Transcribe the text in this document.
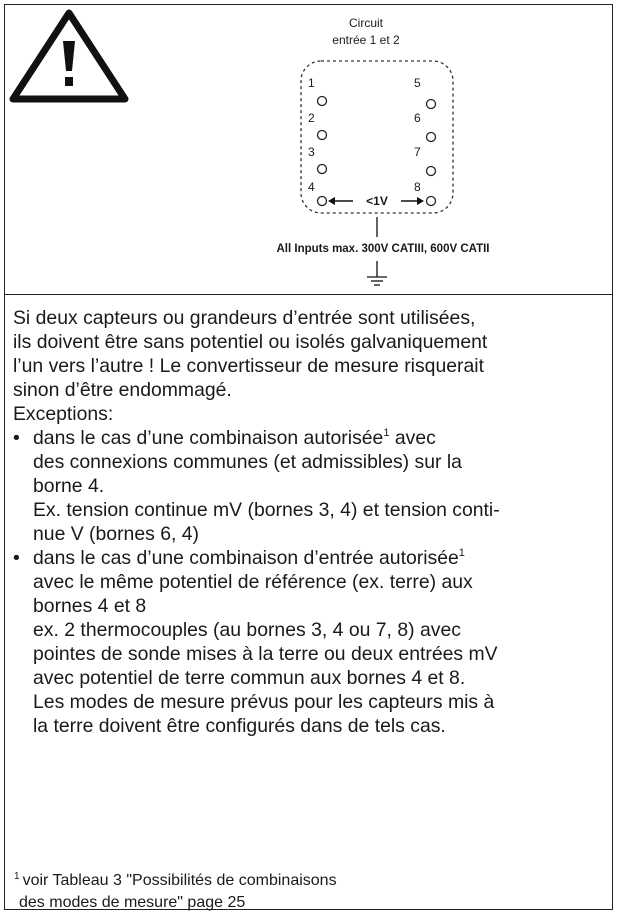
Circuit
entrée 1 et 2
1
2
3
4
5
6
7
8
<1V
All Inputs max. 300V CATIII, 600V CATII

Si deux capteurs ou grandeurs d’entrée sont utilisées,

ils doivent être sans potentiel ou isolés galvaniquement

l’un vers l’autre ! Le convertisseur de mesure risquerait

sinon d’être endommagé.

Exceptions:

• dans le cas d’une combinaison autorisée$^1$ avec

des connexions communes (et admissibles) sur la

borne 4.

Ex. tension continue mV (bornes 3, 4) et tension conti-

nue V (bornes 6, 4)

• dans le cas d’une combinaison d’entrée autorisée$^1$

avec le même potentiel de référence (ex. terre) aux

bornes 4 et 8

ex. 2 thermocouples (au bornes 3, 4 ou 7, 8) avec

pointes de sonde mises à la terre ou deux entrées mV

avec potentiel de terre commun aux bornes 4 et 8.

Les modes de mesure prévus pour les capteurs mis à

la terre doivent être configurés dans de tels cas.

$^1$ voir Tableau 3 "Possibilités de combinaisons
des modes de mesure" page 25
